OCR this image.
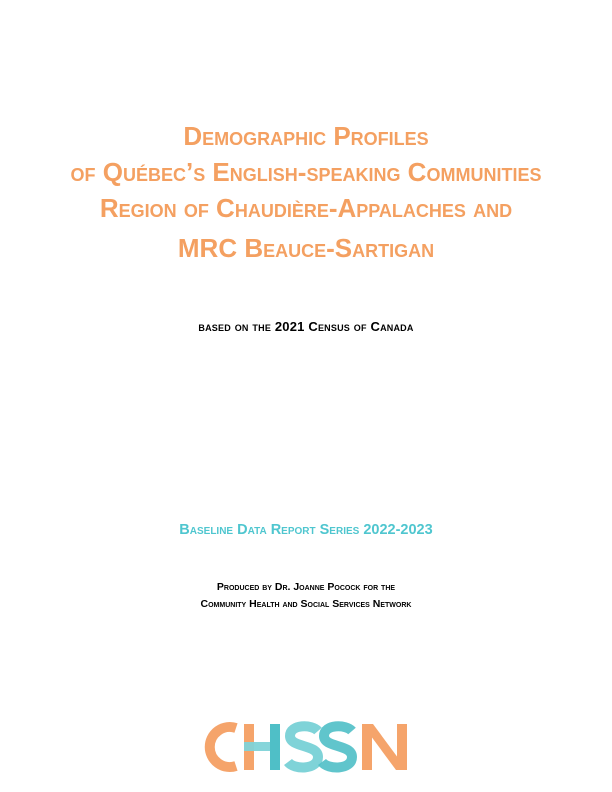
Demographic Profiles
of Québec’s English-speaking Communities
Region of Chaudière-Appalaches and
MRC Beauce-Sartigan
based on the 2021 Census of Canada
Baseline Data Report Series 2022-2023
Produced by Dr. Joanne Pocock for the
Community Health and Social Services Network
